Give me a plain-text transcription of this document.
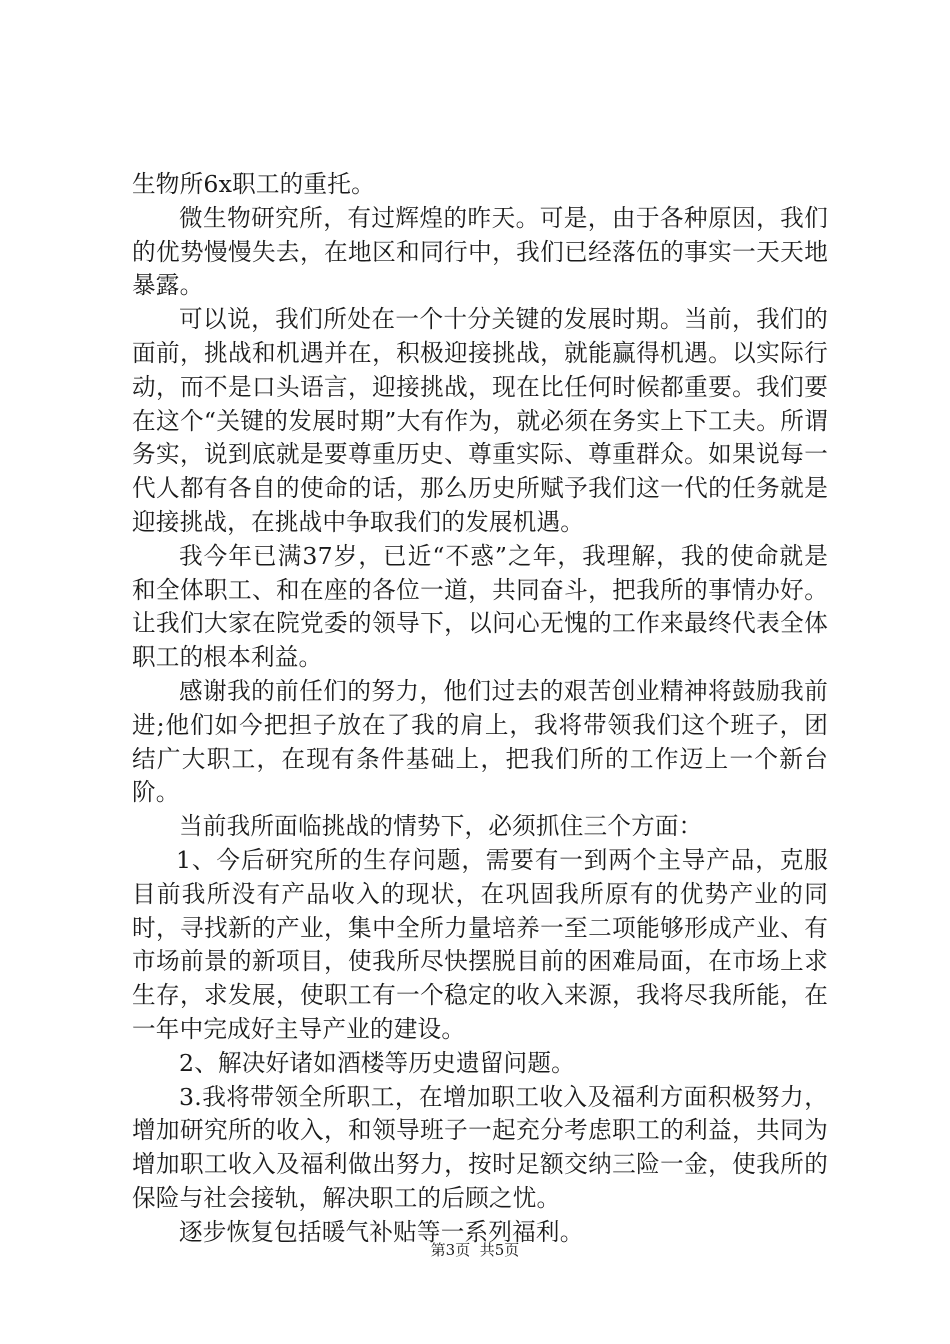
生物所6x职工的重托。

微生物研究所，有过辉煌的昨天。可是，由于各种原因，我们的优势慢慢失去，在地区和同行中，我们已经落伍的事实一天天地暴露。

可以说，我们所处在一个十分关键的发展时期。当前，我们的面前，挑战和机遇并在，积极迎接挑战，就能赢得机遇。以实际行动，而不是口头语言，迎接挑战，现在比任何时候都重要。我们要在这个“关键的发展时期”大有作为，就必须在务实上下工夫。所谓务实，说到底就是要尊重历史、尊重实际、尊重群众。如果说每一代人都有各自的使命的话，那么历史所赋予我们这一代的任务就是迎接挑战，在挑战中争取我们的发展机遇。

我今年已满37岁，已近“不惑”之年，我理解，我的使命就是和全体职工、和在座的各位一道，共同奋斗，把我所的事情办好。让我们大家在院党委的领导下，以问心无愧的工作来最终代表全体职工的根本利益。

感谢我的前任们的努力，他们过去的艰苦创业精神将鼓励我前进;他们如今把担子放在了我的肩上，我将带领我们这个班子，团结广大职工，在现有条件基础上，把我们所的工作迈上一个新台阶。

当前我所面临挑战的情势下，必须抓住三个方面：

1、今后研究所的生存问题，需要有一到两个主导产品，克服目前我所没有产品收入的现状，在巩固我所原有的优势产业的同时，寻找新的产业，集中全所力量培养一至二项能够形成产业、有市场前景的新项目，使我所尽快摆脱目前的困难局面，在市场上求生存，求发展，使职工有一个稳定的收入来源，我将尽我所能，在一年中完成好主导产业的建设。

2、解决好诸如酒楼等历史遗留问题。

3.我将带领全所职工，在增加职工收入及福利方面积极努力，增加研究所的收入，和领导班子一起充分考虑职工的利益，共同为增加职工收入及福利做出努力，按时足额交纳三险一金，使我所的保险与社会接轨，解决职工的后顾之忧。

逐步恢复包括暖气补贴等一系列福利。

第3页 共5页
